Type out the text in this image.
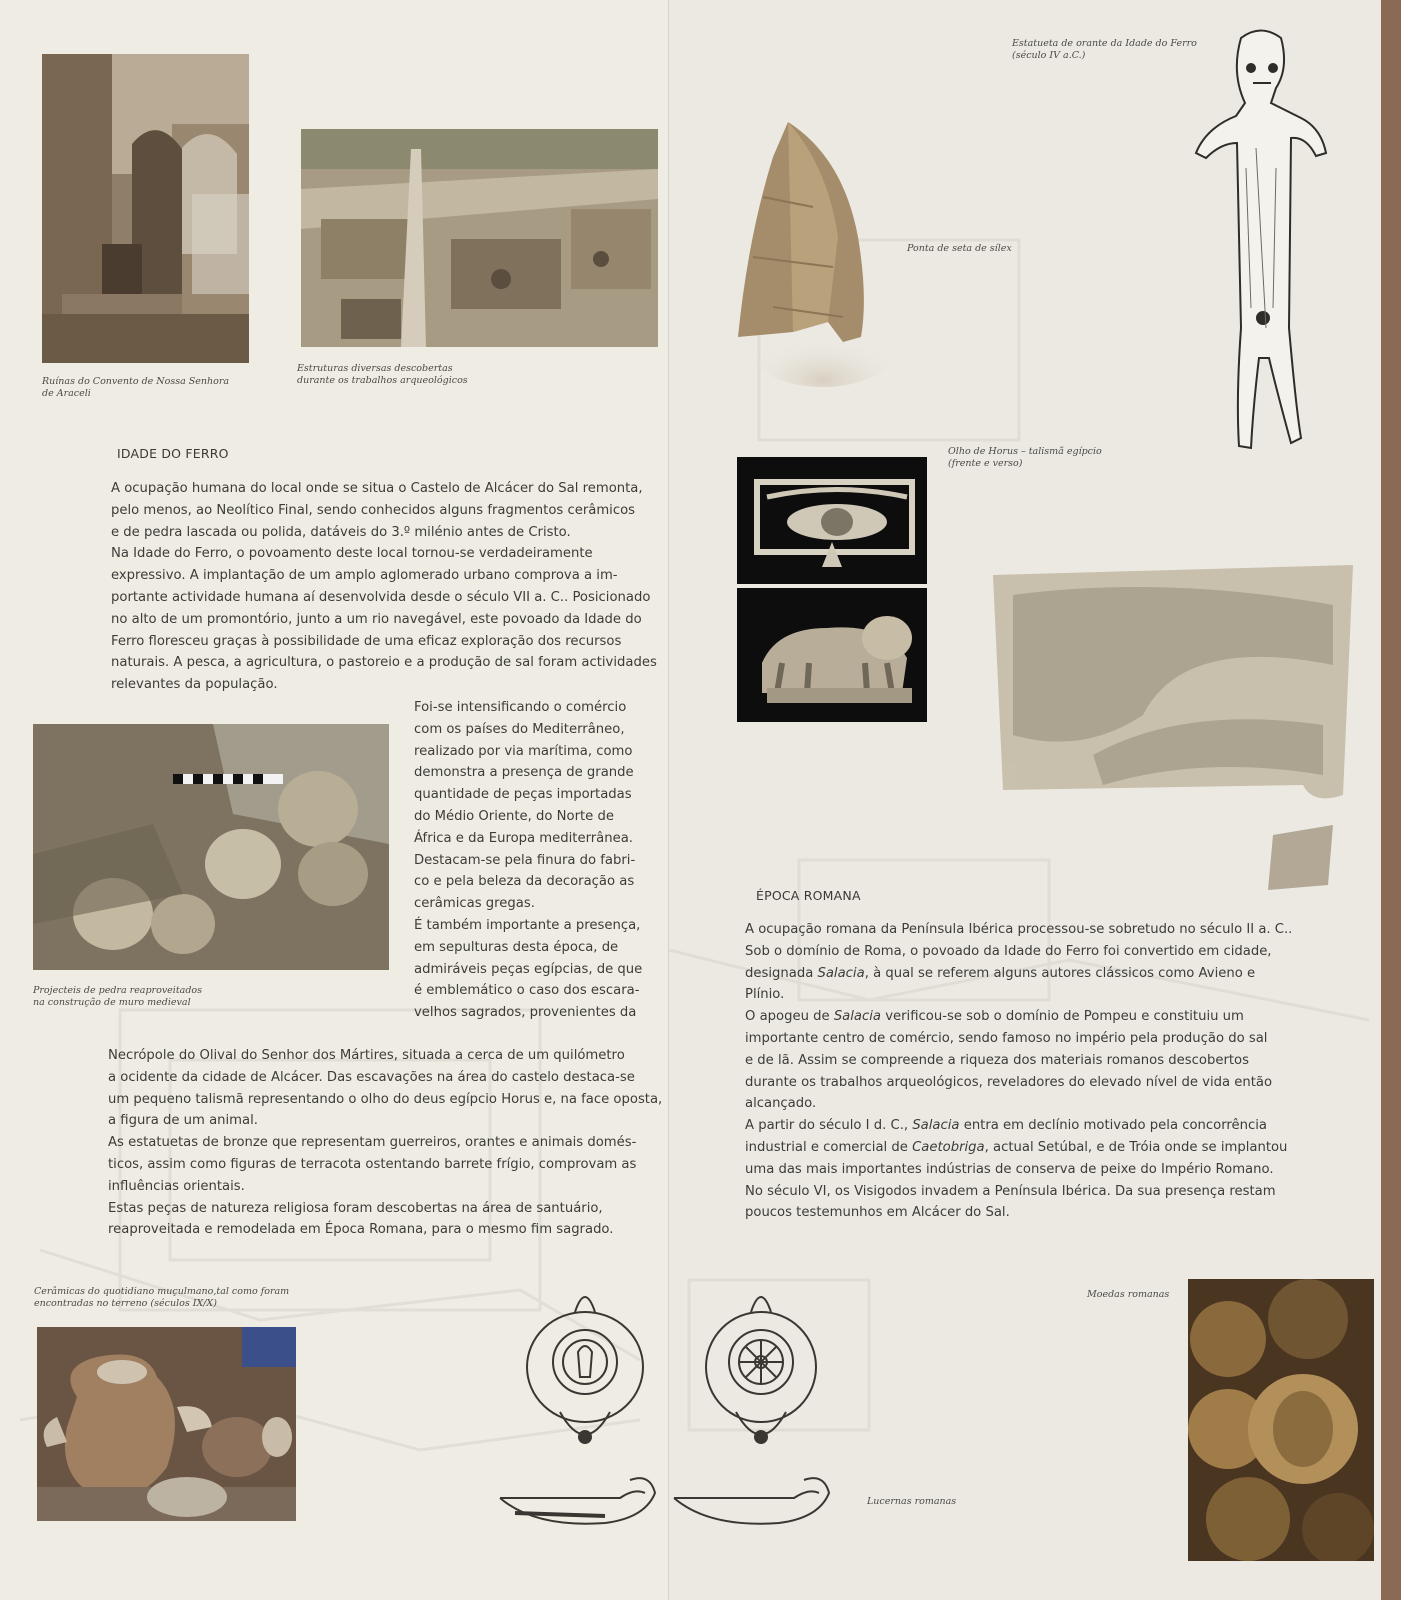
Ruínas do Convento de Nossa Senhora
de Araceli
Estruturas diversas descobertas
durante os trabalhos arqueológicos
IDADE DO FERRO
A ocupação humana do local onde se situa o Castelo de Alcácer do Sal remonta,
pelo menos, ao Neolítico Final, sendo conhecidos alguns fragmentos cerâmicos
e de pedra lascada ou polida, datáveis do 3.º milénio antes de Cristo.
Na Idade do Ferro, o povoamento deste local tornou-se verdadeiramente
expressivo. A implantação de um amplo aglomerado urbano comprova a im-
portante actividade humana aí desenvolvida desde o século VII a. C.. Posicionado
no alto de um promontório, junto a um rio navegável, este povoado da Idade do
Ferro floresceu graças à possibilidade de uma eficaz exploração dos recursos
naturais. A pesca, a agricultura, o pastoreio e a produção de sal foram actividades
relevantes da população.
Projecteis de pedra reaproveitados
na construção de muro medieval
Foi-se intensificando o comércio
com os países do Mediterrâneo,
realizado por via marítima, como
demonstra a presença de grande
quantidade de peças importadas
do Médio Oriente, do Norte de
África e da Europa mediterrânea.
Destacam-se pela finura do fabri-
co e pela beleza da decoração as
cerâmicas gregas.
É também importante a presença,
em sepulturas desta época, de
admiráveis peças egípcias, de que
é emblemático o caso dos escara-
velhos sagrados, provenientes da
Necrópole do Olival do Senhor dos Mártires, situada a cerca de um quilómetro
a ocidente da cidade de Alcácer. Das escavações na área do castelo destaca-se
um pequeno talismã representando o olho do deus egípcio Horus e, na face oposta,
a figura de um animal.
As estatuetas de bronze que representam guerreiros, orantes e animais domés-
ticos, assim como figuras de terracota ostentando barrete frígio, comprovam as
influências orientais.
Estas peças de natureza religiosa foram descobertas na área de santuário,
reaproveitada e remodelada em Época Romana, para o mesmo fim sagrado.
Cerâmicas do quotidiano muçulmano,tal como foram
encontradas no terreno (séculos IX/X)
Ponta de seta de sílex
Estatueta de orante da Idade do Ferro
(século IV a.C.)
Olho de Horus – talismã egípcio
(frente e verso)
ÉPOCA ROMANA
A ocupação romana da Península Ibérica processou-se sobretudo no século II a. C..
Sob o domínio de Roma, o povoado da Idade do Ferro foi convertido em cidade,
designada Salacia, à qual se referem alguns autores clássicos como Avieno e
Plínio.
O apogeu de Salacia verificou-se sob o domínio de Pompeu e constituiu um
importante centro de comércio, sendo famoso no império pela produção do sal
e de lã. Assim se compreende a riqueza dos materiais romanos descobertos
durante os trabalhos arqueológicos, reveladores do elevado nível de vida então
alcançado.
A partir do século I d. C., Salacia entra em declínio motivado pela concorrência
industrial e comercial de Caetobriga, actual Setúbal, e de Tróia onde se implantou
uma das mais importantes indústrias de conserva de peixe do Império Romano.
No século VI, os Visigodos invadem a Península Ibérica. Da sua presença restam
poucos testemunhos em Alcácer do Sal.
Moedas romanas
Lucernas romanas
